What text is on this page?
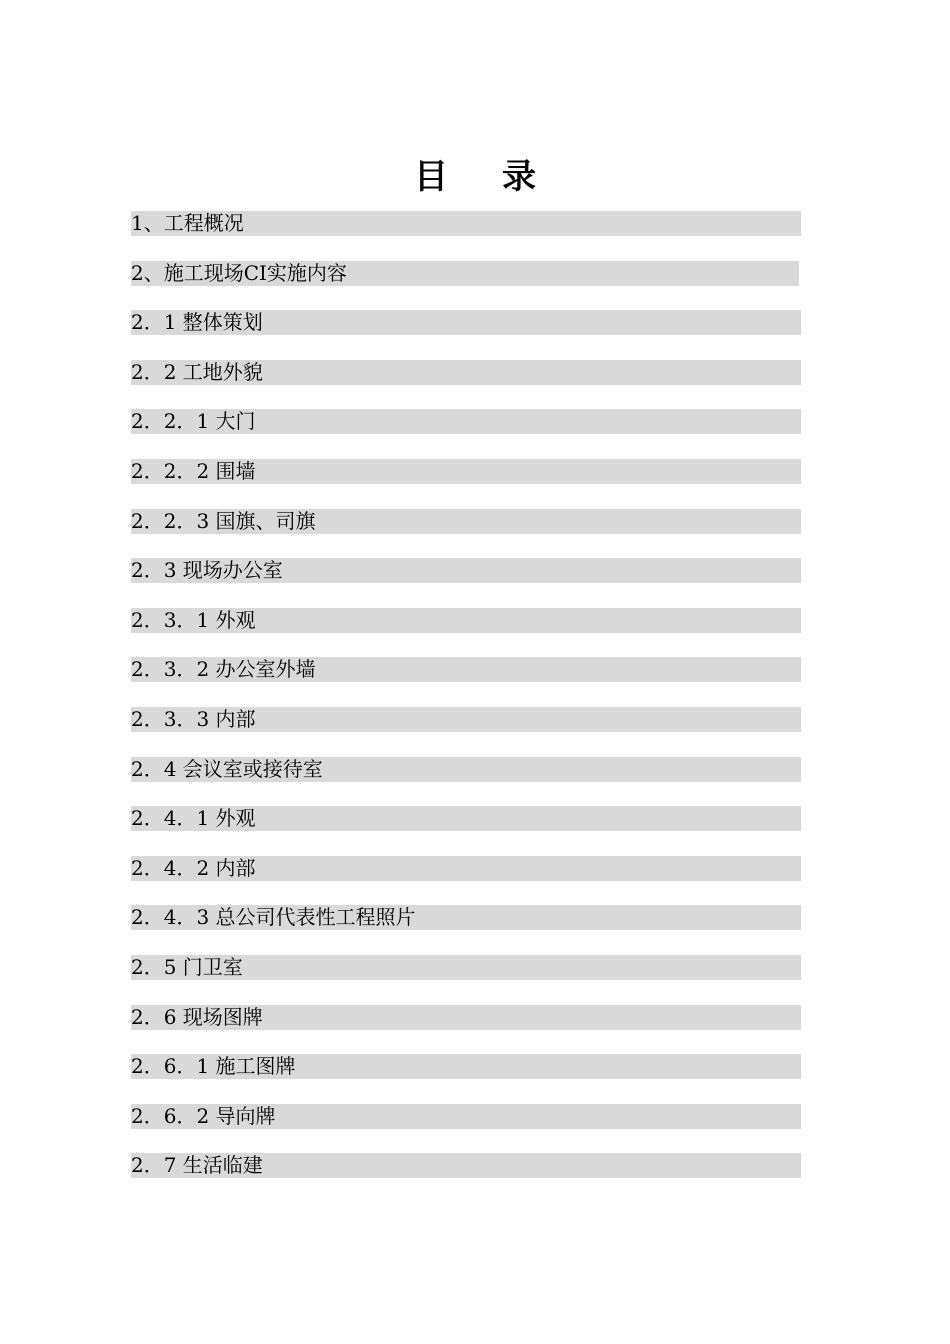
目 录
1、工程概况
2、施工现场CI实施内容
2．1 整体策划
2．2 工地外貌
2．2．1 大门
2．2．2 围墙
2．2．3 国旗、司旗
2．3 现场办公室
2．3．1 外观
2．3．2 办公室外墙
2．3．3 内部
2．4 会议室或接待室
2．4．1 外观
2．4．2 内部
2．4．3 总公司代表性工程照片
2．5 门卫室
2．6 现场图牌
2．6．1 施工图牌
2．6．2 导向牌
2．7 生活临建
